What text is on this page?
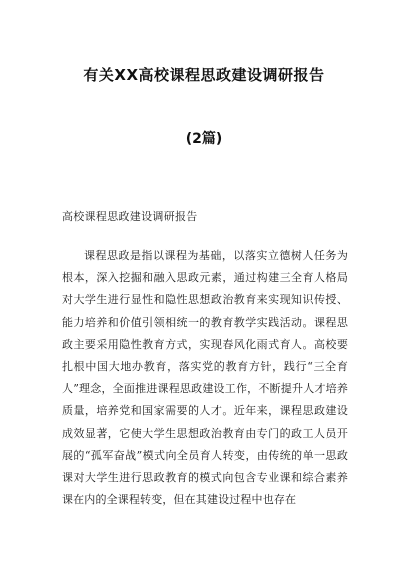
有关XX高校课程思政建设调研报告
(2篇)
高校课程思政建设调研报告

课程思政是指以课程为基础，以落实立德树人任务为根本，深入挖掘和融入思政元素，通过构建三全育人格局对大学生进行显性和隐性思想政治教育来实现知识传授、能力培养和价值引领相统一的教育教学实践活动。课程思政主要采用隐性教育方式，实现春风化雨式育人。高校要扎根中国大地办教育，落实党的教育方针，践行“三全育人”理念，全面推进课程思政建设工作，不断提升人才培养质量，培养党和国家需要的人才。近年来，课程思政建设成效显著，它使大学生思想政治教育由专门的政工人员开展的“孤军奋战”模式向全员育人转变，由传统的单一思政课对大学生进行思政教育的模式向包含专业课和综合素养课在内的全课程转变，但在其建设过程中也存在
